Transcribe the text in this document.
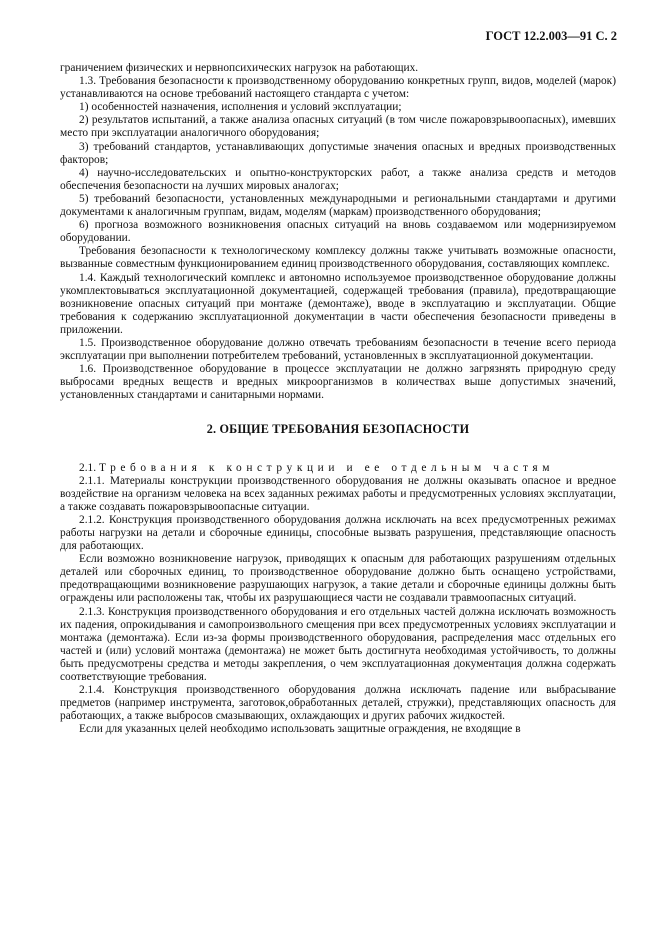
ГОСТ 12.2.003—91 С. 2

граничением физических и нервнопсихических нагрузок на работающих.

1.3. Требования безопасности к производственному оборудованию конкретных групп, видов, моделей (марок) устанавливаются на основе требований настоящего стандарта с учетом:

1) особенностей назначения, исполнения и условий эксплуатации;

2) результатов испытаний, а также анализа опасных ситуаций (в том числе пожаровзрывоопасных), имевших место при эксплуатации аналогичного оборудования;

3) требований стандартов, устанавливающих допустимые значения опасных и вредных производственных факторов;

4) научно-исследовательских и опытно-конструкторских работ, а также анализа средств и методов обеспечения безопасности на лучших мировых аналогах;

5) требований безопасности, установленных международными и региональными стандартами и другими документами к аналогичным группам, видам, моделям (маркам) производственного оборудования;

6) прогноза возможного возникновения опасных ситуаций на вновь создаваемом или модернизируемом оборудовании.

Требования безопасности к технологическому комплексу должны также учитывать возможные опасности, вызванные совместным функционированием единиц производственного оборудования, составляющих комплекс.

1.4. Каждый технологический комплекс и автономно используемое производственное оборудование должны укомплектовываться эксплуатационной документацией, содержащей требования (правила), предотвращающие возникновение опасных ситуаций при монтаже (демонтаже), вводе в эксплуатацию и эксплуатации. Общие требования к содержанию эксплуатационной документации в части обеспечения безопасности приведены в приложении.

1.5. Производственное оборудование должно отвечать требованиям безопасности в течение всего периода эксплуатации при выполнении потребителем требований, установленных в эксплуатационной документации.

1.6. Производственное оборудование в процессе эксплуатации не должно загрязнять природную среду выбросами вредных веществ и вредных микроорганизмов в количествах выше допустимых значений, установленных стандартами и санитарными нормами.

2. ОБЩИЕ ТРЕБОВАНИЯ БЕЗОПАСНОСТИ

2.1. Требования к конструкции и ее отдельным частям

2.1.1. Материалы конструкции производственного оборудования не должны оказывать опасное и вредное воздействие на организм человека на всех заданных режимах работы и предусмотренных условиях эксплуатации, а также создавать пожаровзрывоопасные ситуации.

2.1.2. Конструкция производственного оборудования должна исключать на всех предусмотренных режимах работы нагрузки на детали и сборочные единицы, способные вызвать разрушения, представляющие опасность для работающих.

Если возможно возникновение нагрузок, приводящих к опасным для работающих разрушениям отдельных деталей или сборочных единиц, то производственное оборудование должно быть оснащено устройствами, предотвращающими возникновение разрушающих нагрузок, а такие детали и сборочные единицы должны быть ограждены или расположены так, чтобы их разрушающиеся части не создавали травмоопасных ситуаций.

2.1.3. Конструкция производственного оборудования и его отдельных частей должна исключать возможность их падения, опрокидывания и самопроизвольного смещения при всех предусмотренных условиях эксплуатации и монтажа (демонтажа). Если из-за формы производственного оборудования, распределения масс отдельных его частей и (или) условий монтажа (демонтажа) не может быть достигнута необходимая устойчивость, то должны быть предусмотрены средства и методы закрепления, о чем эксплуатационная документация должна содержать соответствующие требования.

2.1.4. Конструкция производственного оборудования должна исключать падение или выбрасывание предметов (например инструмента, заготовок,обработанных деталей, стружки), представляющих опасность для работающих, а также выбросов смазывающих, охлаждающих и других рабочих жидкостей.

Если для указанных целей необходимо использовать защитные ограждения, не входящие в
